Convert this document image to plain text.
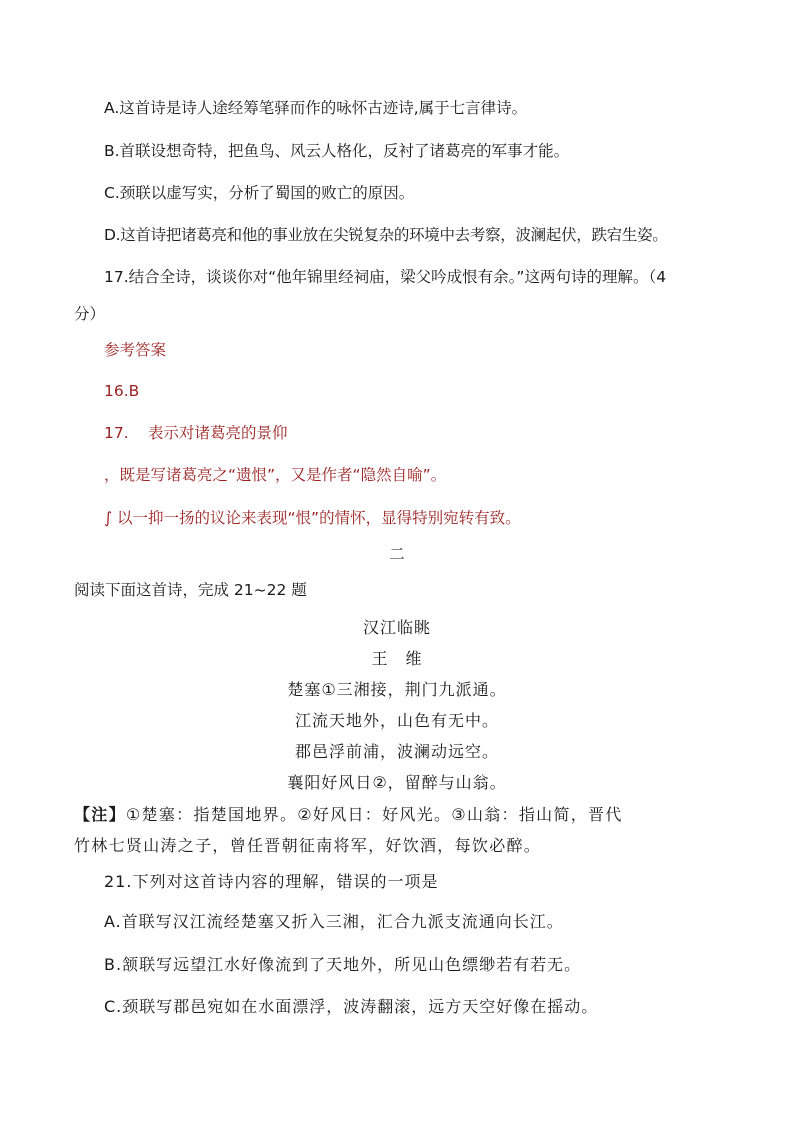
A.这首诗是诗人途经筹笔驿而作的咏怀古迹诗,属于七言律诗。
B.首联设想奇特，把鱼鸟、风云人格化，反衬了诸葛亮的军事才能。
C.颈联以虚写实，分析了蜀国的败亡的原因。
D.这首诗把诸葛亮和他的事业放在尖锐复杂的环境中去考察，波澜起伏，跌宕生姿。
17.结合全诗，谈谈你对“他年锦里经祠庙，梁父吟成恨有余。”这两句诗的理解。（4
分）
参考答案
16.B
17. 表示对诸葛亮的景仰
，既是写诸葛亮之“遗恨”，又是作者“隐然自喻”。
∫ 以一抑一扬的议论来表现“恨”的情怀，显得特别宛转有致。
二
阅读下面这首诗，完成 21~22 题
汉江临眺
王　维
楚塞①三湘接，荆门九派通。
江流天地外，山色有无中。
郡邑浮前浦，波澜动远空。
襄阳好风日②，留醉与山翁。
【注】①楚塞：指楚国地界。②好风日：好风光。③山翁：指山简，晋代
竹林七贤山涛之子，曾任晋朝征南将军，好饮酒，每饮必醉。
21.下列对这首诗内容的理解，错误的一项是
A.首联写汉江流经楚塞又折入三湘，汇合九派支流通向长江。
B.颔联写远望江水好像流到了天地外，所见山色缥缈若有若无。
C.颈联写郡邑宛如在水面漂浮，波涛翻滚，远方天空好像在摇动。
